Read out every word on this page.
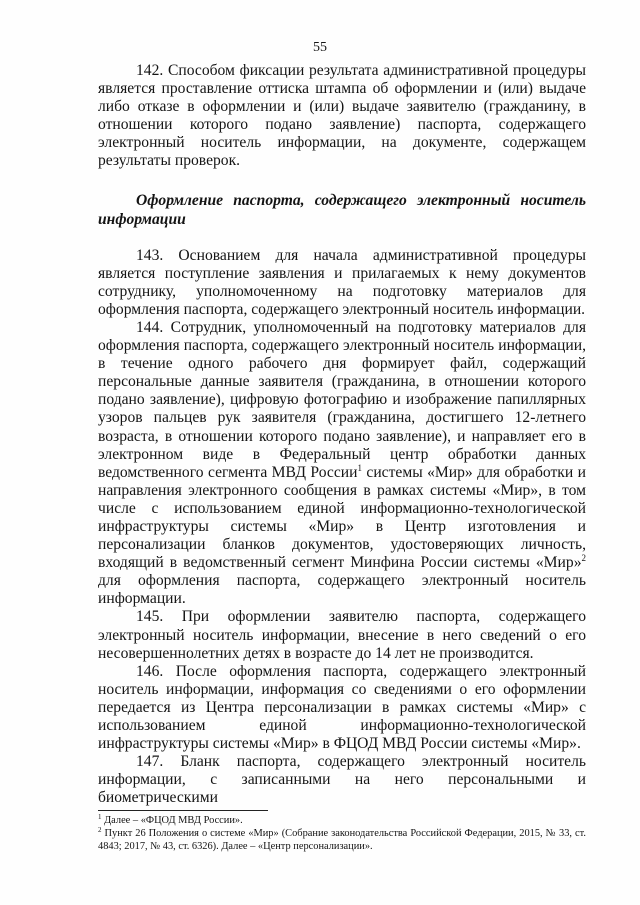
55

142. Способом фиксации результата административной процедуры является проставление оттиска штампа об оформлении и (или) выдаче либо отказе в оформлении и (или) выдаче заявителю (гражданину, в отношении которого подано заявление) паспорта, содержащего электронный носитель информации, на документе, содержащем результаты проверок.

Оформление паспорта, содержащего электронный носитель информации

143. Основанием для начала административной процедуры является поступление заявления и прилагаемых к нему документов сотруднику, уполномоченному на подготовку материалов для оформления паспорта, содержащего электронный носитель информации.

144. Сотрудник, уполномоченный на подготовку материалов для оформления паспорта, содержащего электронный носитель информации, в течение одного рабочего дня формирует файл, содержащий персональные данные заявителя (гражданина, в отношении которого подано заявление), цифровую фотографию и изображение папиллярных узоров пальцев рук заявителя (гражданина, достигшего 12-летнего возраста, в отношении которого подано заявление), и направляет его в электронном виде в Федеральный центр обработки данных ведомственного сегмента МВД России$^1$ системы «Мир» для обработки и направления электронного сообщения в рамках системы «Мир», в том числе с использованием единой информационно-технологической инфраструктуры системы «Мир» в Центр изготовления и персонализации бланков документов, удостоверяющих личность, входящий в ведомственный сегмент Минфина России системы «Мир»$^2$ для оформления паспорта, содержащего электронный носитель информации.

145. При оформлении заявителю паспорта, содержащего электронный носитель информации, внесение в него сведений о его несовершеннолетних детях в возрасте до 14 лет не производится.

146. После оформления паспорта, содержащего электронный носитель информации, информация со сведениями о его оформлении передается из Центра персонализации в рамках системы «Мир» с использованием единой информационно-технологической инфраструктуры системы «Мир» в ФЦОД МВД России системы «Мир».

147. Бланк паспорта, содержащего электронный носитель информации, с записанными на него персональными и биометрическими

$^1$ Далее – «ФЦОД МВД России».

$^2$ Пункт 26 Положения о системе «Мир» (Собрание законодательства Российской Федерации, 2015, № 33, ст. 4843; 2017, № 43, ст. 6326). Далее – «Центр персонализации».
